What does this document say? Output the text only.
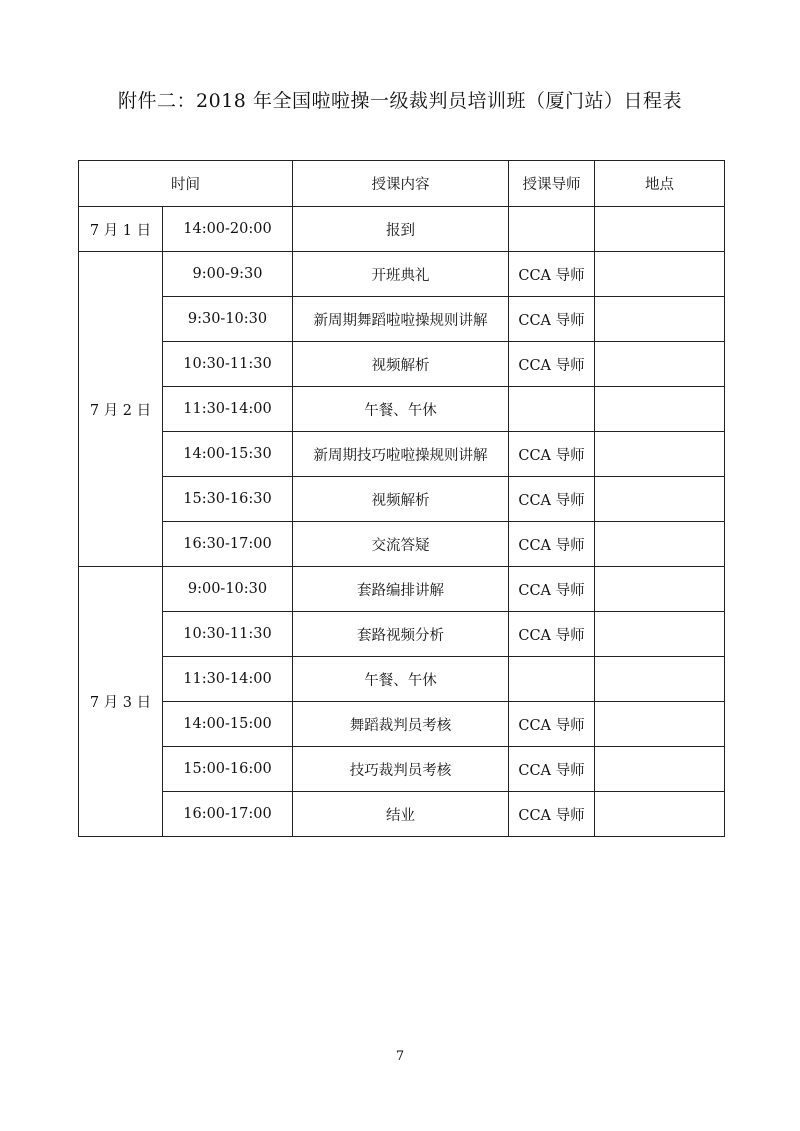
附件二：2018 年全国啦啦操一级裁判员培训班（厦门站）日程表
时间		授课内容	授课导师	地点
7 月 1 日	14:00-20:00	报到		
7 月 2 日	9:00-9:30	开班典礼	CCA 导师	
	9:30-10:30	新周期舞蹈啦啦操规则讲解	CCA 导师	
	10:30-11:30	视频解析	CCA 导师	
	11:30-14:00	午餐、午休		
	14:00-15:30	新周期技巧啦啦操规则讲解	CCA 导师	
	15:30-16:30	视频解析	CCA 导师	
	16:30-17:00	交流答疑	CCA 导师	
7 月 3 日	9:00-10:30	套路编排讲解	CCA 导师	
	10:30-11:30	套路视频分析	CCA 导师	
	11:30-14:00	午餐、午休		
	14:00-15:00	舞蹈裁判员考核	CCA 导师	
	15:00-16:00	技巧裁判员考核	CCA 导师	
	16:00-17:00	结业	CCA 导师	
7
